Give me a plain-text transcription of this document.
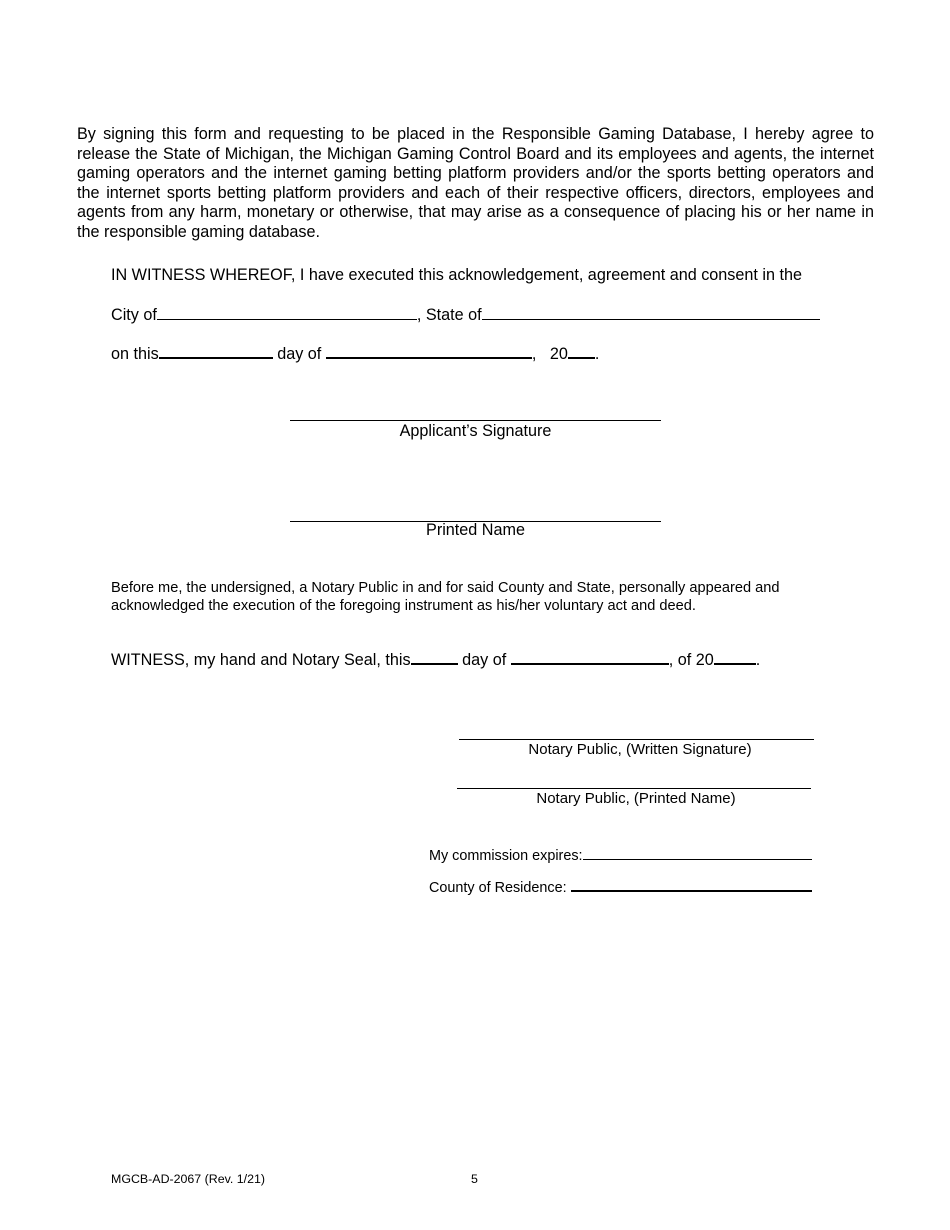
By signing this form and requesting to be placed in the Responsible Gaming Database, I hereby agree to release the State of Michigan, the Michigan Gaming Control Board and its employees and agents, the internet gaming operators and the internet gaming betting platform providers and/or the sports betting operators and the internet sports betting platform providers and each of their respective officers, directors, employees and agents from any harm, monetary or otherwise, that may arise as a consequence of placing his or her name in the responsible gaming database.
IN WITNESS WHEREOF, I have executed this acknowledgement, agreement and consent in the
City of	, State of
on this	day of	, 20 .
Applicant’s Signature
Printed Name
Before me, the undersigned, a Notary Public in and for said County and State, personally appeared and acknowledged the execution of the foregoing instrument as his/her voluntary act and deed.
WITNESS, my hand and Notary Seal, this	day of	, of 20	.
Notary Public, (Written Signature)
Notary Public, (Printed Name)
My commission expires:
County of Residence:
MGCB-AD-2067 (Rev. 1/21)	5
